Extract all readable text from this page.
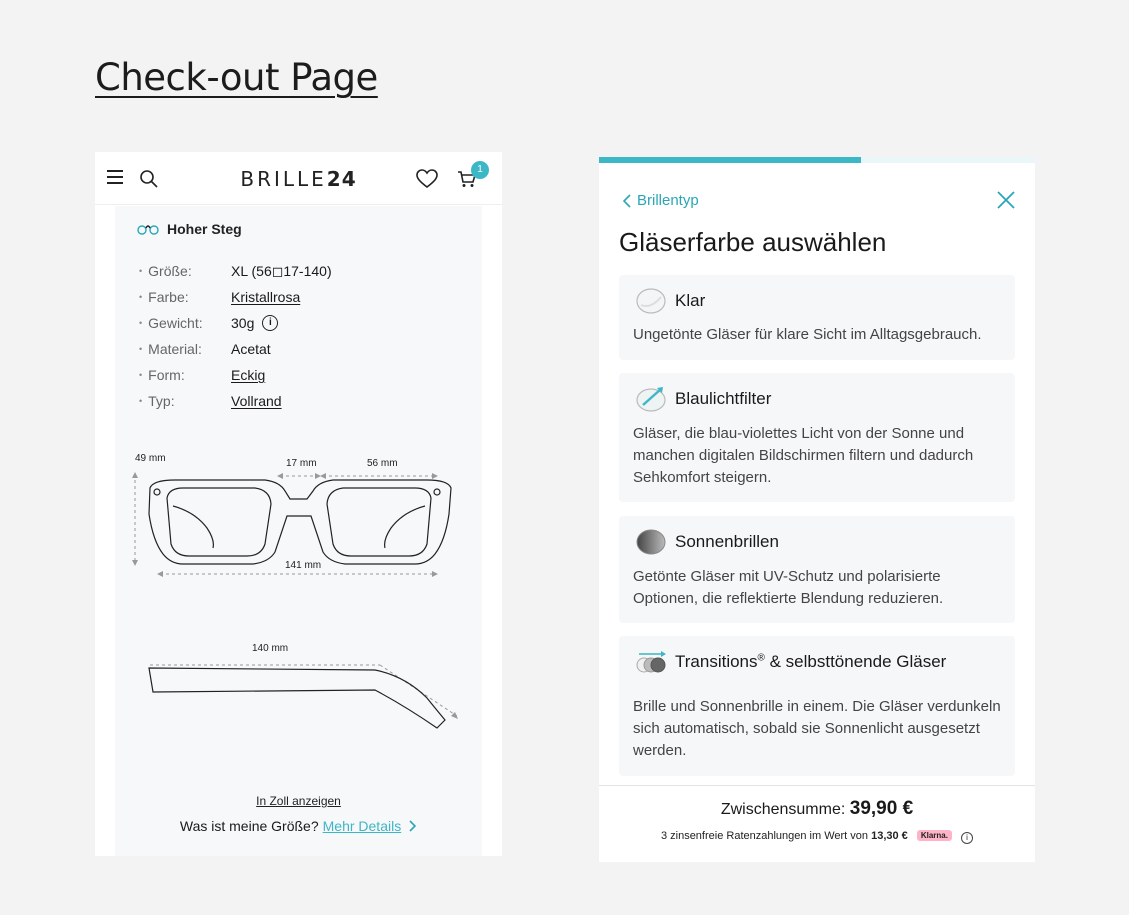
Check-out Page
BRILLE24	1
Hoher Steg
• Größe:	XL (56◻17-140)
• Farbe:	Kristallrosa
• Gewicht:	30g	i
• Material:	Acetat
• Form:	Eckig
• Typ:	Vollrand
49 mm	17 mm	56 mm
141 mm
140 mm
In Zoll anzeigen
Was ist meine Größe? Mehr Details
Brillentyp
Gläserfarbe auswählen
Klar

Ungetönte Gläser für klare Sicht im Alltagsgebrauch.

Blaulichtfilter

Gläser, die blau-violettes Licht von der Sonne und manchen digitalen Bildschirmen filtern und dadurch Sehkomfort steigern.

Sonnenbrillen

Getönte Gläser mit UV-Schutz und polarisierte Optionen, die reflektierte Blendung reduzieren.

Transitions® & selbsttönende Gläser

Brille und Sonnenbrille in einem. Die Gläser verdunkeln sich automatisch, sobald sie Sonnenlicht ausgesetzt werden.

Zwischensumme: 39,90 €
3 zinsenfreie Ratenzahlungen im Wert von 13,30 € Klarna. i
